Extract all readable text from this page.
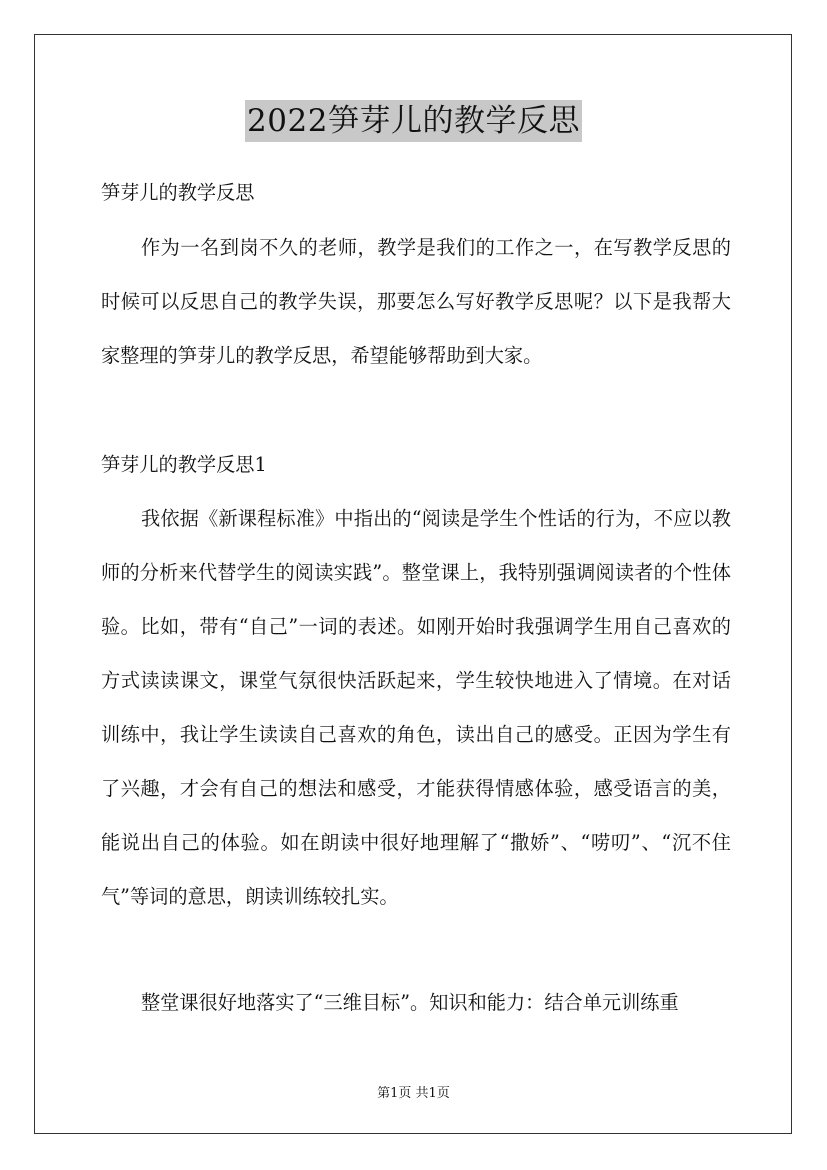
2022笋芽儿的教学反思
笋芽儿的教学反思

作为一名到岗不久的老师，教学是我们的工作之一，在写教学反思的时候可以反思自己的教学失误，那要怎么写好教学反思呢？以下是我帮大家整理的笋芽儿的教学反思，希望能够帮助到大家。

笋芽儿的教学反思1

我依据《新课程标准》中指出的“阅读是学生个性话的行为，不应以教师的分析来代替学生的阅读实践”。整堂课上，我特别强调阅读者的个性体验。比如，带有“自己”一词的表述。如刚开始时我强调学生用自己喜欢的方式读读课文，课堂气氛很快活跃起来，学生较快地进入了情境。在对话训练中，我让学生读读自己喜欢的角色，读出自己的感受。正因为学生有了兴趣，才会有自己的想法和感受，才能获得情感体验，感受语言的美，能说出自己的体验。如在朗读中很好地理解了“撒娇”、“唠叨”、“沉不住气”等词的意思，朗读训练较扎实。

整堂课很好地落实了“三维目标”。知识和能力：结合单元训练重

第1页 共1页
